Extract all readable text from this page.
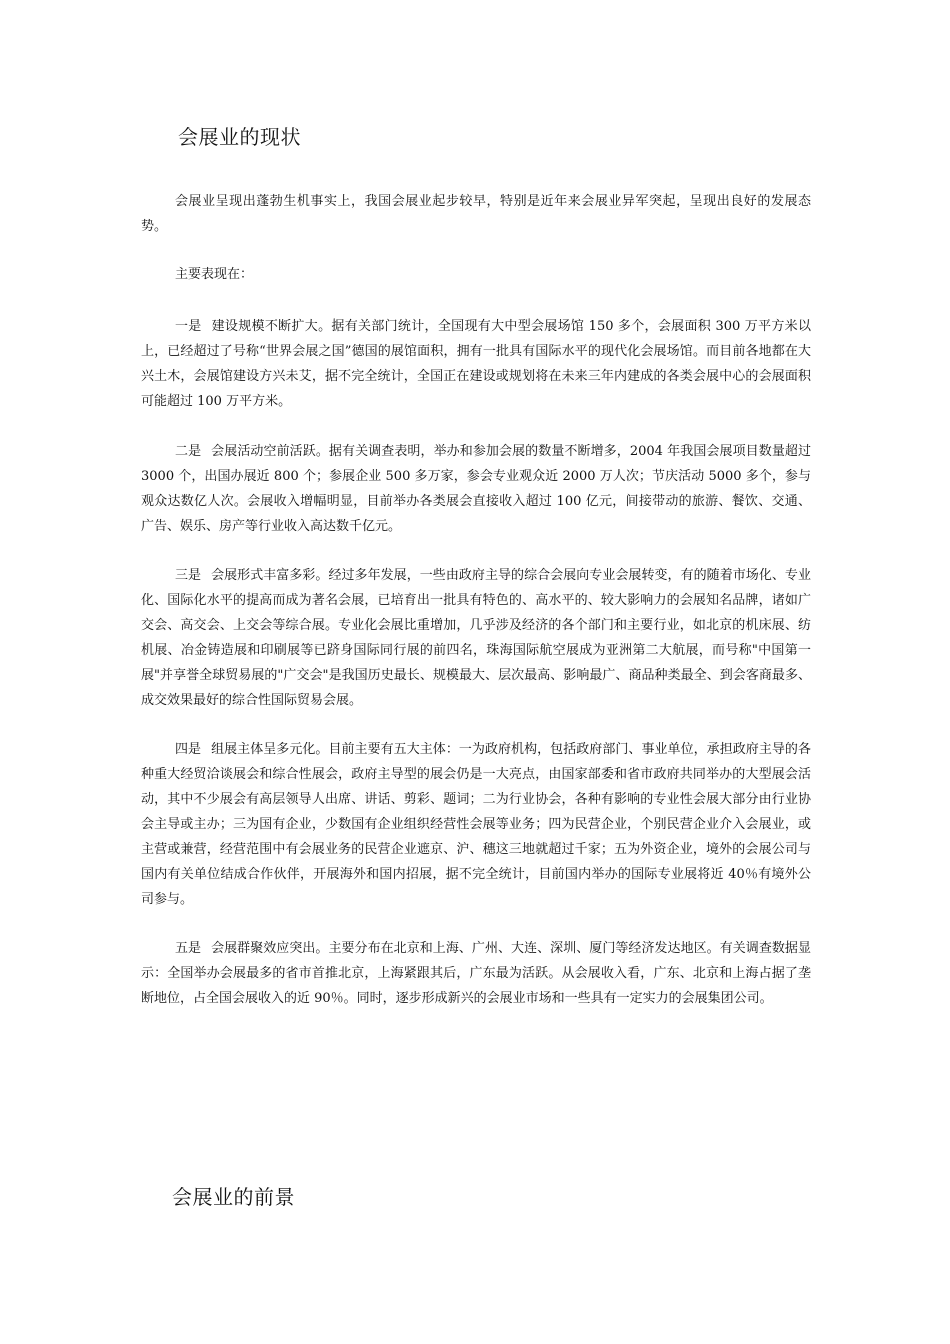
会展业的现状

会展业呈现出蓬勃生机事实上，我国会展业起步较早，特别是近年来会展业异军突起，呈现出良好的发展态势。

主要表现在：

一是 建设规模不断扩大。据有关部门统计，全国现有大中型会展场馆 150 多个，会展面积 300 万平方米以上，已经超过了号称“世界会展之国”德国的展馆面积，拥有一批具有国际水平的现代化会展场馆。而目前各地都在大兴土木，会展馆建设方兴未艾，据不完全统计，全国正在建设或规划将在未来三年内建成的各类会展中心的会展面积可能超过 100 万平方米。

二是 会展活动空前活跃。据有关调查表明，举办和参加会展的数量不断增多，2004 年我国会展项目数量超过 3000 个，出国办展近 800 个；参展企业 500 多万家，参会专业观众近 2000 万人次；节庆活动 5000 多个，参与观众达数亿人次。会展收入增幅明显，目前举办各类展会直接收入超过 100 亿元，间接带动的旅游、餐饮、交通、广告、娱乐、房产等行业收入高达数千亿元。

三是 会展形式丰富多彩。经过多年发展，一些由政府主导的综合会展向专业会展转变，有的随着市场化、专业化、国际化水平的提高而成为著名会展，已培育出一批具有特色的、高水平的、较大影响力的会展知名品牌，诸如广交会、高交会、上交会等综合展。专业化会展比重增加，几乎涉及经济的各个部门和主要行业，如北京的机床展、纺机展、冶金铸造展和印刷展等已跻身国际同行展的前四名，珠海国际航空展成为亚洲第二大航展，而号称"中国第一展"并享誉全球贸易展的"广交会"是我国历史最长、规模最大、层次最高、影响最广、商品种类最全、到会客商最多、成交效果最好的综合性国际贸易会展。

四是 组展主体呈多元化。目前主要有五大主体：一为政府机构，包括政府部门、事业单位，承担政府主导的各种重大经贸洽谈展会和综合性展会，政府主导型的展会仍是一大亮点，由国家部委和省市政府共同举办的大型展会活动，其中不少展会有高层领导人出席、讲话、剪彩、题词；二为行业协会，各种有影响的专业性会展大部分由行业协会主导或主办；三为国有企业，少数国有企业组织经营性会展等业务；四为民营企业，个别民营企业介入会展业，或主营或兼营，经营范围中有会展业务的民营企业遮京、沪、穗这三地就超过千家；五为外资企业，境外的会展公司与国内有关单位结成合作伙伴，开展海外和国内招展，据不完全统计，目前国内举办的国际专业展将近 40％有境外公司参与。

五是 会展群聚效应突出。主要分布在北京和上海、广州、大连、深圳、厦门等经济发达地区。有关调查数据显示：全国举办会展最多的省市首推北京，上海紧跟其后，广东最为活跃。从会展收入看，广东、北京和上海占据了垄断地位，占全国会展收入的近 90％。同时，逐步形成新兴的会展业市场和一些具有一定实力的会展集团公司。

会展业的前景
